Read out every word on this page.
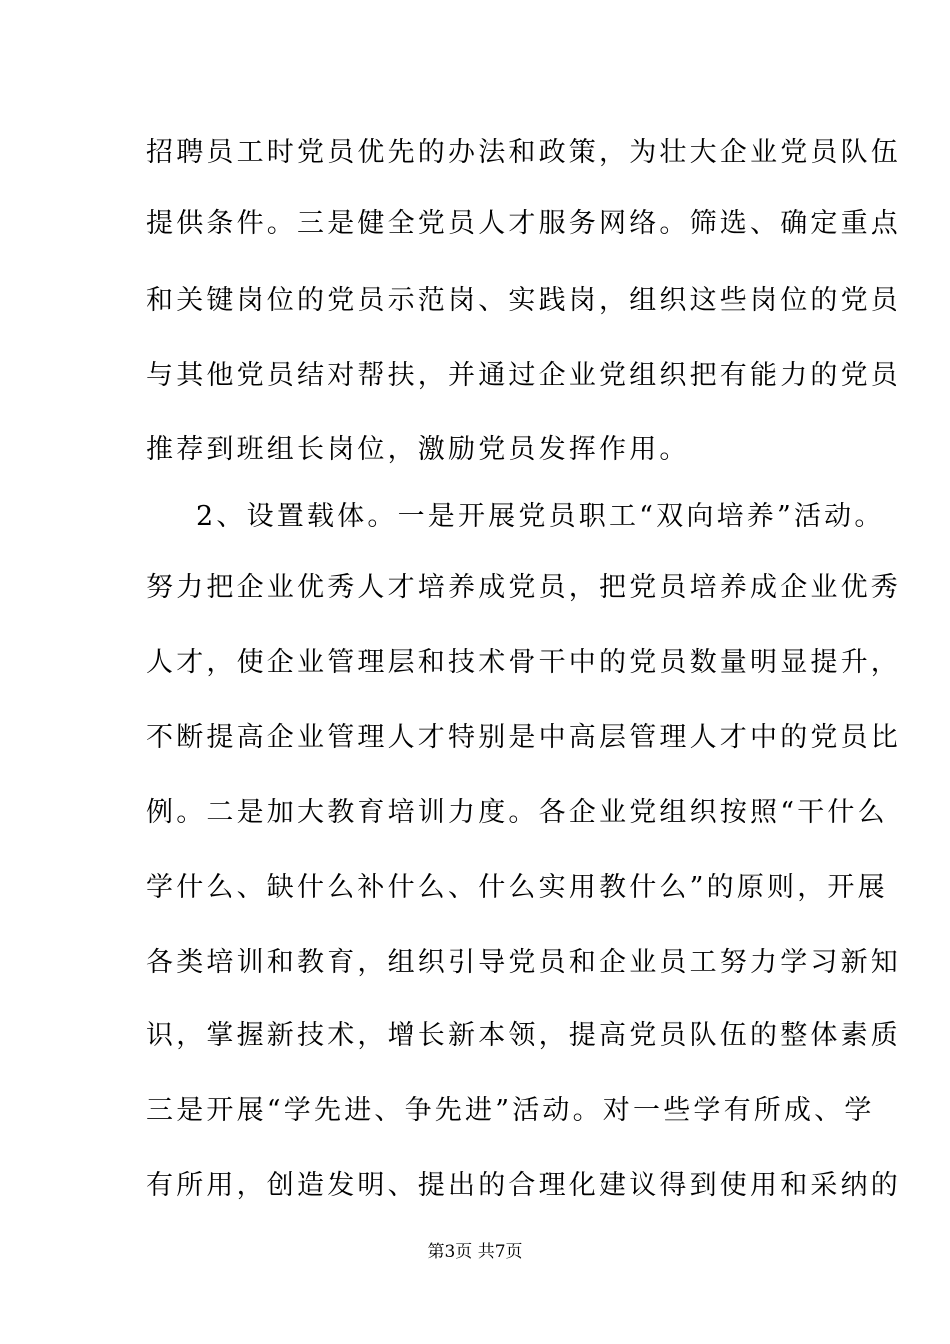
招聘员工时党员优先的办法和政策，为壮大企业党员队伍
提供条件。三是健全党员人才服务网络。筛选、确定重点
和关键岗位的党员示范岗、实践岗，组织这些岗位的党员
与其他党员结对帮扶，并通过企业党组织把有能力的党员
推荐到班组长岗位，激励党员发挥作用。
2、设置载体。一是开展党员职工“双向培养”活动。
努力把企业优秀人才培养成党员，把党员培养成企业优秀
人才，使企业管理层和技术骨干中的党员数量明显提升，
不断提高企业管理人才特别是中高层管理人才中的党员比
例。二是加大教育培训力度。各企业党组织按照“干什么
学什么、缺什么补什么、什么实用教什么”的原则，开展
各类培训和教育，组织引导党员和企业员工努力学习新知
识，掌握新技术，增长新本领，提高党员队伍的整体素质
三是开展“学先进、争先进”活动。对一些学有所成、学
有所用，创造发明、提出的合理化建议得到使用和采纳的
第3页 共7页
